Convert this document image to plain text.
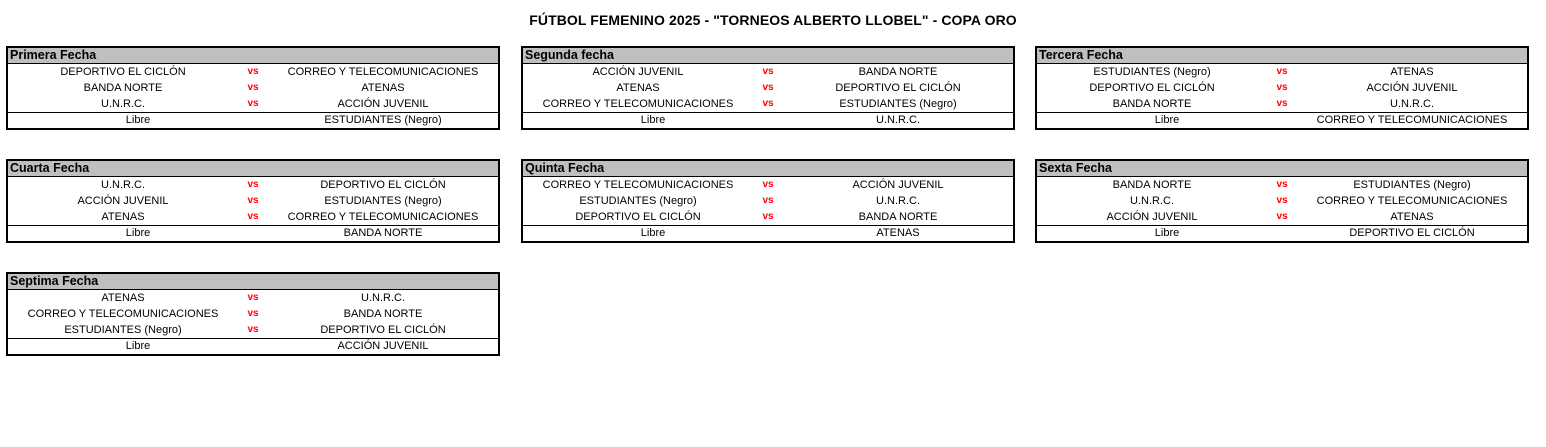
FÚTBOL FEMENINO 2025 - "TORNEOS ALBERTO LLOBEL" - COPA ORO
Primera Fecha
DEPORTIVO EL CICLÓN	vs	CORREO Y TELECOMUNICACIONES
BANDA NORTE	vs	ATENAS
U.N.R.C.	vs	ACCIÓN JUVENIL
Libre	ESTUDIANTES (Negro)
Segunda fecha
ACCIÓN JUVENIL	vs	BANDA NORTE
ATENAS	vs	DEPORTIVO EL CICLÓN
CORREO Y TELECOMUNICACIONES	vs	ESTUDIANTES (Negro)
Libre	U.N.R.C.
Tercera Fecha
ESTUDIANTES (Negro)	vs	ATENAS
DEPORTIVO EL CICLÓN	vs	ACCIÓN JUVENIL
BANDA NORTE	vs	U.N.R.C.
Libre	CORREO Y TELECOMUNICACIONES
Cuarta Fecha
U.N.R.C.	vs	DEPORTIVO EL CICLÓN
ACCIÓN JUVENIL	vs	ESTUDIANTES (Negro)
ATENAS	vs	CORREO Y TELECOMUNICACIONES
Libre	BANDA NORTE
Quinta Fecha
CORREO Y TELECOMUNICACIONES	vs	ACCIÓN JUVENIL
ESTUDIANTES (Negro)	vs	U.N.R.C.
DEPORTIVO EL CICLÓN	vs	BANDA NORTE
Libre	ATENAS
Sexta Fecha
BANDA NORTE	vs	ESTUDIANTES (Negro)
U.N.R.C.	vs	CORREO Y TELECOMUNICACIONES
ACCIÓN JUVENIL	vs	ATENAS
Libre	DEPORTIVO EL CICLÓN
Septima Fecha
ATENAS	vs	U.N.R.C.
CORREO Y TELECOMUNICACIONES	vs	BANDA NORTE
ESTUDIANTES (Negro)	vs	DEPORTIVO EL CICLÓN
Libre	ACCIÓN JUVENIL
